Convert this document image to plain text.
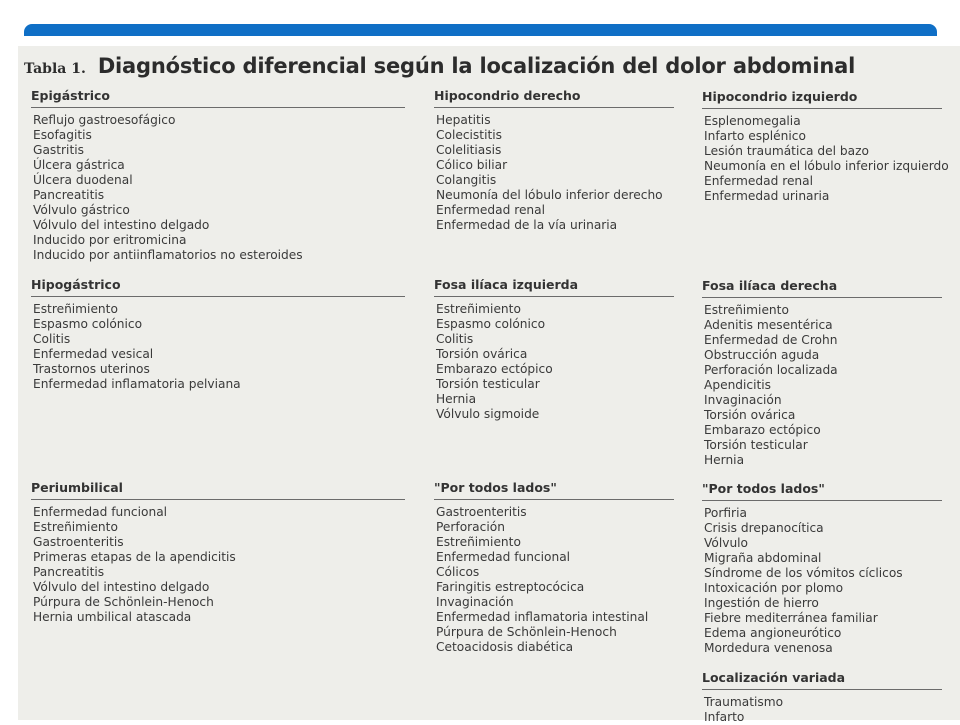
Tabla 1. Diagnóstico diferencial según la localización del dolor abdominal
Epigástrico
Reflujo gastroesofágico
Esofagitis
Gastritis
Úlcera gástrica
Úlcera duodenal
Pancreatitis
Vólvulo gástrico
Vólvulo del intestino delgado
Inducido por eritromicina
Inducido por antiinflamatorios no esteroides
Hipocondrio derecho
Hepatitis
Colecistitis
Colelitiasis
Cólico biliar
Colangitis
Neumonía del lóbulo inferior derecho
Enfermedad renal
Enfermedad de la vía urinaria
Hipocondrio izquierdo
Esplenomegalia
Infarto esplénico
Lesión traumática del bazo
Neumonía en el lóbulo inferior izquierdo
Enfermedad renal
Enfermedad urinaria
Hipogástrico
Estreñimiento
Espasmo colónico
Colitis
Enfermedad vesical
Trastornos uterinos
Enfermedad inflamatoria pelviana
Fosa ilíaca izquierda
Estreñimiento
Espasmo colónico
Colitis
Torsión ovárica
Embarazo ectópico
Torsión testicular
Hernia
Vólvulo sigmoide
Fosa ilíaca derecha
Estreñimiento
Adenitis mesentérica
Enfermedad de Crohn
Obstrucción aguda
Perforación localizada
Apendicitis
Invaginación
Torsión ovárica
Embarazo ectópico
Torsión testicular
Hernia
Periumbilical
Enfermedad funcional
Estreñimiento
Gastroenteritis
Primeras etapas de la apendicitis
Pancreatitis
Vólvulo del intestino delgado
Púrpura de Schönlein-Henoch
Hernia umbilical atascada
"Por todos lados"
Gastroenteritis
Perforación
Estreñimiento
Enfermedad funcional
Cólicos
Faringitis estreptocócica
Invaginación
Enfermedad inflamatoria intestinal
Púrpura de Schönlein-Henoch
Cetoacidosis diabética
"Por todos lados"
Porfiria
Crisis drepanocítica
Vólvulo
Migraña abdominal
Síndrome de los vómitos cíclicos
Intoxicación por plomo
Ingestión de hierro
Fiebre mediterránea familiar
Edema angioneurótico
Mordedura venenosa
Localización variada
Traumatismo
Infarto
